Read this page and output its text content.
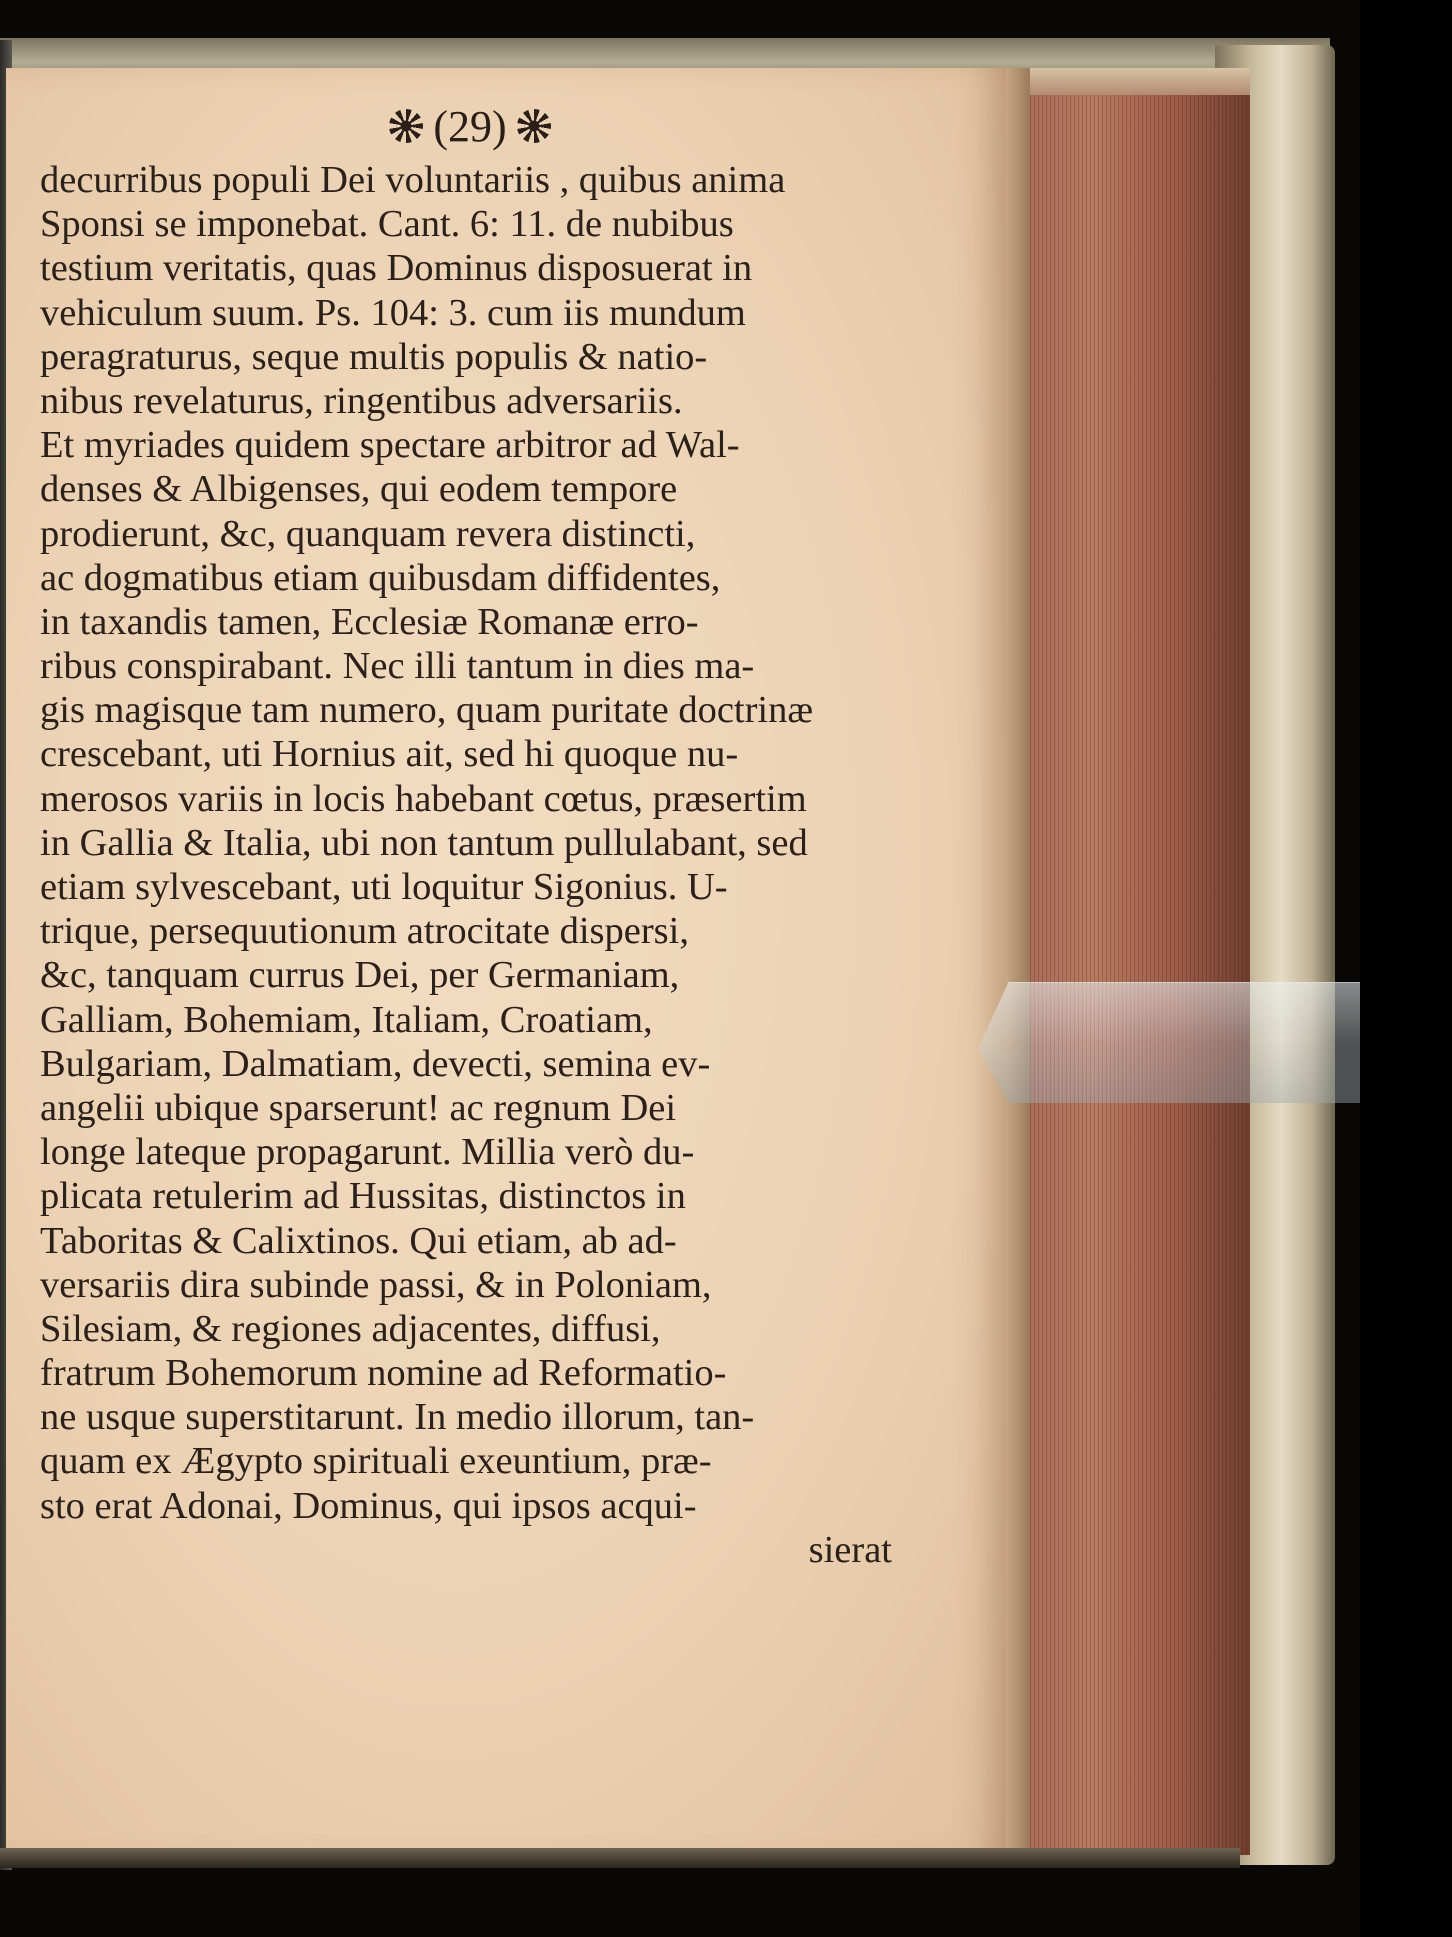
(29)
decurribus populi Dei voluntariis , quibus anima
Sponsi se imponebat. Cant. 6: 11. de nubibus
testium veritatis, quas Dominus disposuerat in
vehiculum suum. Ps. 104: 3. cum iis mundum
peragraturus, seque multis populis & natio-
nibus revelaturus, ringentibus adversariis.
Et myriades quidem spectare arbitror ad Wal-
denses & Albigenses, qui eodem tempore
prodierunt, &c, quanquam revera distincti,
ac dogmatibus etiam quibusdam diffidentes,
in taxandis tamen, Ecclesiæ Romanæ erro-
ribus conspirabant. Nec illi tantum in dies ma-
gis magisque tam numero, quam puritate doctrinæ
crescebant, uti Hornius ait, sed hi quoque nu-
merosos variis in locis habebant cœtus, præsertim
in Gallia & Italia, ubi non tantum pullulabant, sed
etiam sylvescebant, uti loquitur Sigonius. U-
trique, persequutionum atrocitate dispersi,
&c, tanquam currus Dei, per Germaniam,
Galliam, Bohemiam, Italiam, Croatiam,
Bulgariam, Dalmatiam, devecti, semina ev-
angelii ubique sparserunt! ac regnum Dei
longe lateque propagarunt. Millia verò du-
plicata retulerim ad Hussitas, distinctos in
Taboritas & Calixtinos. Qui etiam, ab ad-
versariis dira subinde passi, & in Poloniam,
Silesiam, & regiones adjacentes, diffusi,
fratrum Bohemorum nomine ad Reformatio-
ne usque superstitarunt. In medio illorum, tan-
quam ex Ægypto spirituali exeuntium, præ-
sto erat Adonai, Dominus, qui ipsos acqui-
sierat
